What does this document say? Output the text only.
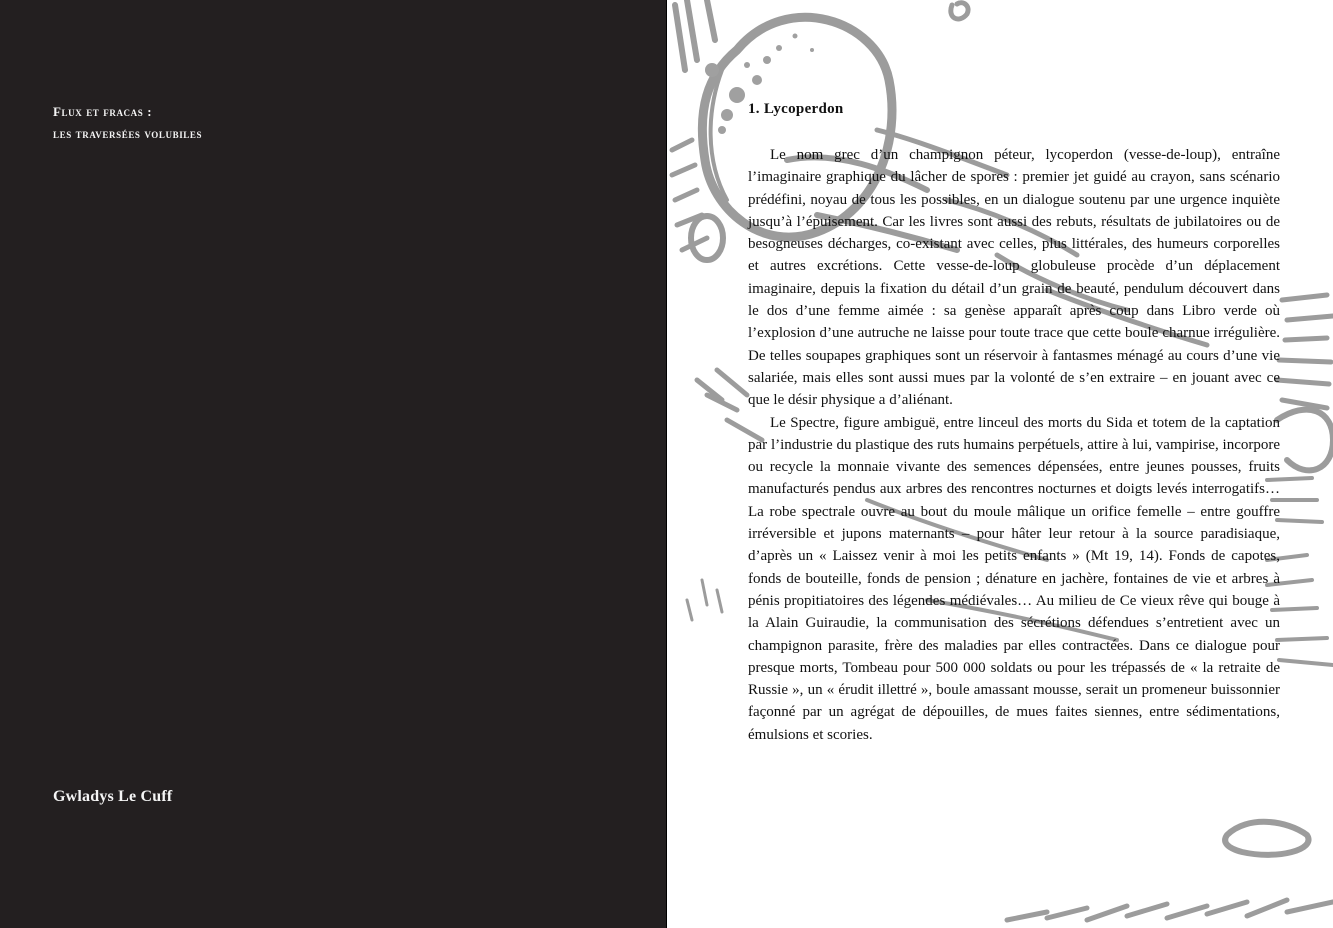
Flux et fracas :
les traversées volubiles
Gwladys Le Cuff
1. Lycoperdon

Le nom grec d’un champignon péteur, lycoperdon (vesse-de-loup), entraîne l’imaginaire graphique du lâcher de spores : premier jet guidé au crayon, sans scénario prédéfini, noyau de tous les possibles, en un dialogue soutenu par une urgence inquiète jusqu’à l’épuisement. Car les livres sont aussi des rebuts, résultats de jubilatoires ou de besogneuses décharges, co-existant avec celles, plus littérales, des humeurs corporelles et autres excrétions. Cette vesse-de-loup globuleuse procède d’un déplacement imaginaire, depuis la fixation du détail d’un grain de beauté, pendulum découvert dans le dos d’une femme aimée : sa genèse apparaît après coup dans Libro verde où l’explosion d’une autruche ne laisse pour toute trace que cette boule charnue irrégulière. De telles soupapes graphiques sont un réservoir à fantasmes ménagé au cours d’une vie salariée, mais elles sont aussi mues par la volonté de s’en extraire – en jouant avec ce que le désir physique a d’aliénant.

Le Spectre, figure ambiguë, entre linceul des morts du Sida et totem de la captation par l’industrie du plastique des ruts humains perpétuels, attire à lui, vampirise, incorpore ou recycle la monnaie vivante des semences dépensées, entre jeunes pousses, fruits manufacturés pendus aux arbres des rencontres nocturnes et doigts levés interrogatifs… La robe spectrale ouvre au bout du moule mâlique un orifice femelle – entre gouffre irréversible et jupons maternants – pour hâter leur retour à la source paradisiaque, d’après un « Laissez venir à moi les petits enfants » (Mt 19, 14). Fonds de capotes, fonds de bouteille, fonds de pension ; dénature en jachère, fontaines de vie et arbres à pénis propitiatoires des légendes médiévales… Au milieu de Ce vieux rêve qui bouge à la Alain Guiraudie, la communisation des sécrétions défendues s’entretient avec un champignon parasite, frère des maladies par elles contractées. Dans ce dialogue pour presque morts, Tombeau pour 500 000 soldats ou pour les trépassés de « la retraite de Russie », un « érudit illettré », boule amassant mousse, serait un promeneur buissonnier façonné par un agrégat de dépouilles, de mues faites siennes, entre sédimentations, émulsions et scories.
